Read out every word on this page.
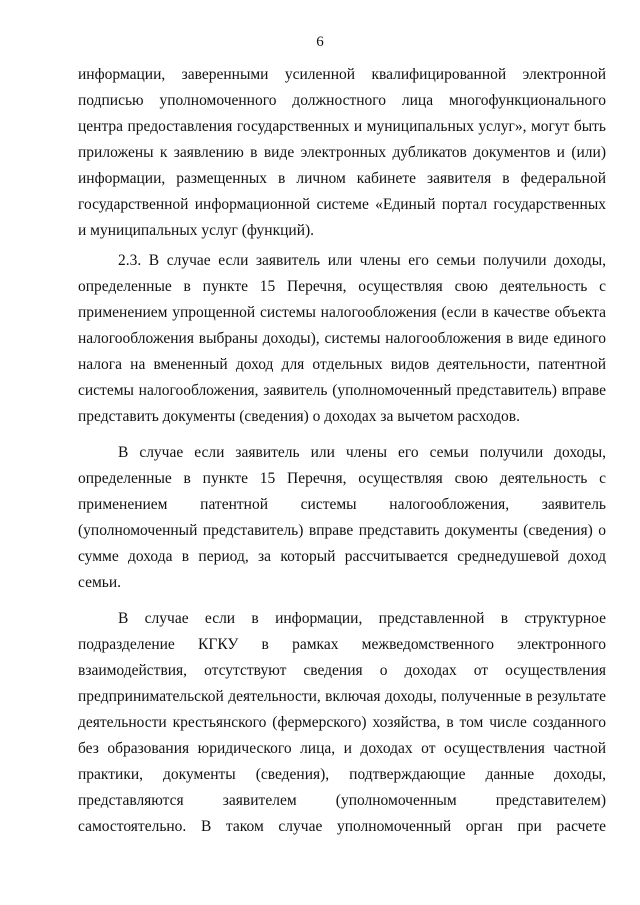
6

информации, заверенными усиленной квалифицированной электронной подписью уполномоченного должностного лица многофункционального центра предоставления государственных и муниципальных услуг», могут быть приложены к заявлению в виде электронных дубликатов документов и (или) информации, размещенных в личном кабинете заявителя в федеральной государственной информационной системе «Единый портал государственных и муниципальных услуг (функций).

2.3. В случае если заявитель или члены его семьи получили доходы, определенные в пункте 15 Перечня, осуществляя свою деятельность с применением упрощенной системы налогообложения (если в качестве объекта налогообложения выбраны доходы), системы налогообложения в виде единого налога на вмененный доход для отдельных видов деятельности, патентной системы налогообложения, заявитель (уполномоченный представитель) вправе представить документы (сведения) о доходах за вычетом расходов.

В случае если заявитель или члены его семьи получили доходы, определенные в пункте 15 Перечня, осуществляя свою деятельность с применением патентной системы налогообложения, заявитель (уполномоченный представитель) вправе представить документы (сведения) о сумме дохода в период, за который рассчитывается среднедушевой доход семьи.

В случае если в информации, представленной в структурное подразделение КГКУ в рамках межведомственного электронного взаимодействия, отсутствуют сведения о доходах от осуществления предпринимательской деятельности, включая доходы, полученные в результате деятельности крестьянского (фермерского) хозяйства, в том числе созданного без образования юридического лица, и доходах от осуществления частной практики, документы (сведения), подтверждающие данные доходы, представляются заявителем (уполномоченным представителем) самостоятельно. В таком случае уполномоченный орган при расчете
